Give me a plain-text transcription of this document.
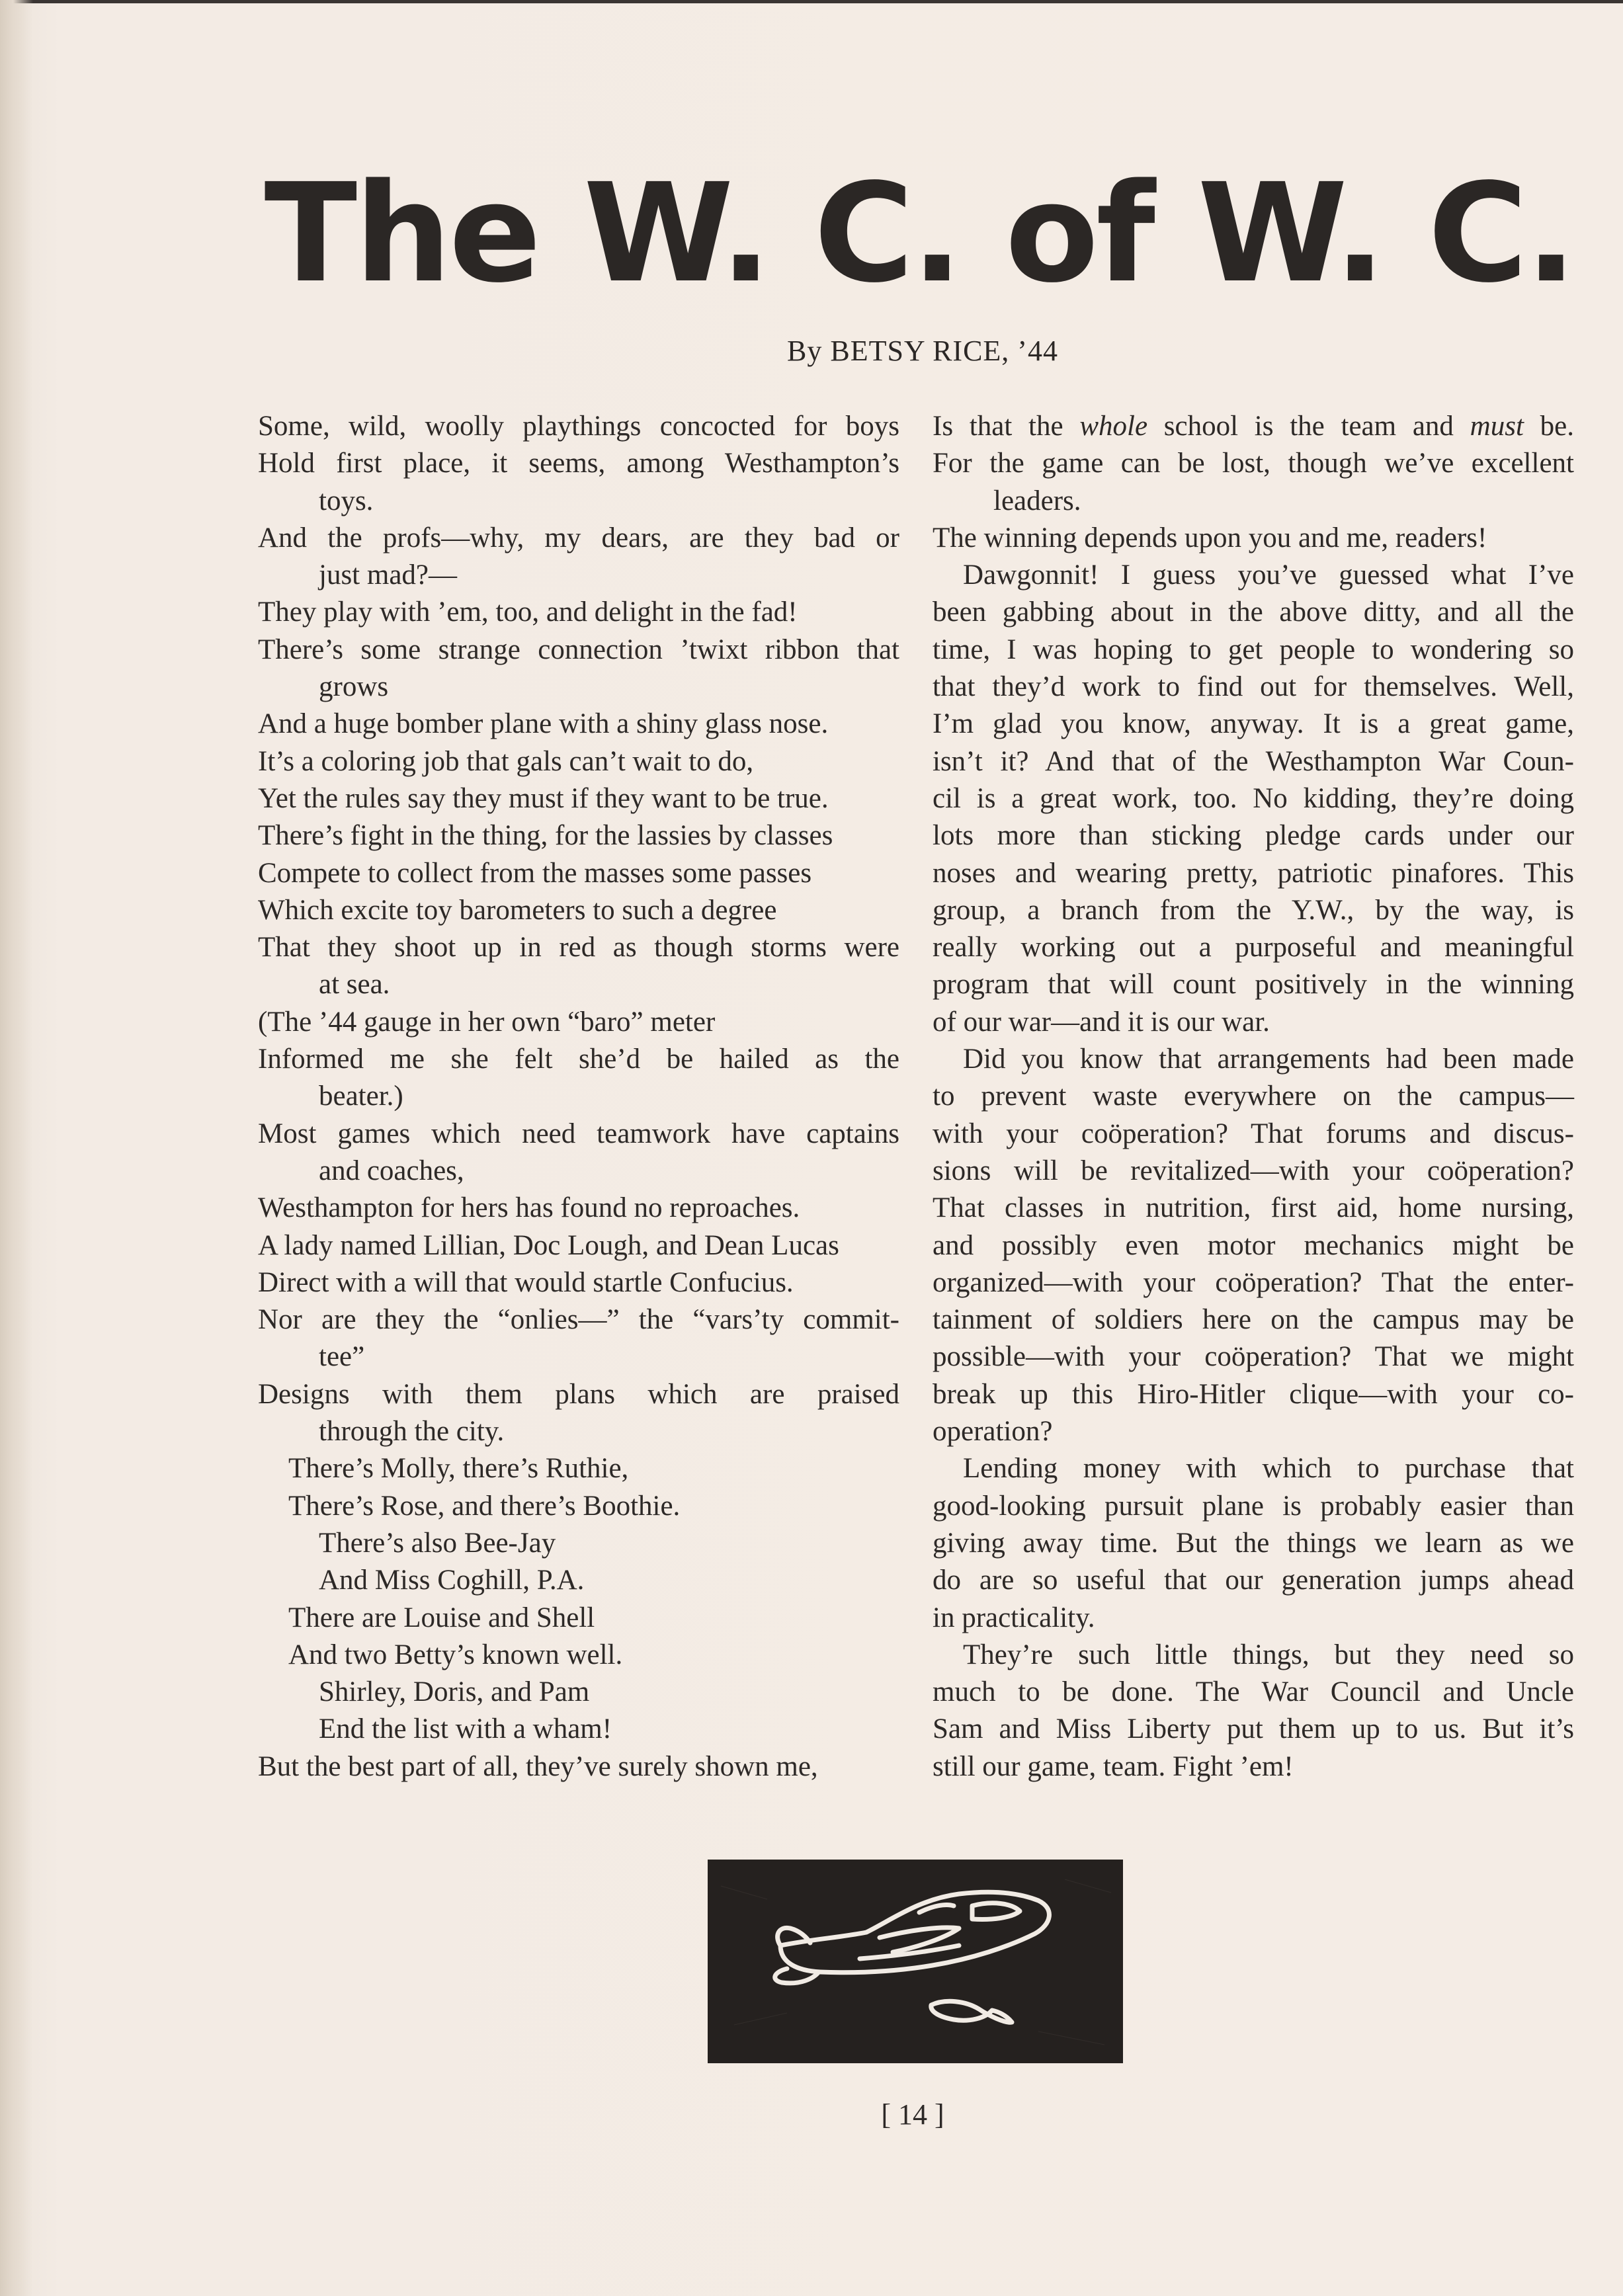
The W. C. of W. C.
By BETSY RICE, ’44
Some, wild, woolly playthings concocted for boys
Hold first place, it seems, among Westhampton’s
toys.
And the profs—why, my dears, are they bad or
just mad?—
They play with ’em, too, and delight in the fad!
There’s some strange connection ’twixt ribbon that
grows
And a huge bomber plane with a shiny glass nose.
It’s a coloring job that gals can’t wait to do,
Yet the rules say they must if they want to be true.
There’s fight in the thing, for the lassies by classes
Compete to collect from the masses some passes
Which excite toy barometers to such a degree
That they shoot up in red as though storms were
at sea.
(The ’44 gauge in her own “baro” meter
Informed me she felt she’d be hailed as the
beater.)
Most games which need teamwork have captains
and coaches,
Westhampton for hers has found no reproaches.
A lady named Lillian, Doc Lough, and Dean Lucas
Direct with a will that would startle Confucius.
Nor are they the “onlies—” the “vars’ty commit-
tee”
Designs with them plans which are praised
through the city.
There’s Molly, there’s Ruthie,
There’s Rose, and there’s Boothie.
There’s also Bee-Jay
And Miss Coghill, P.A.
There are Louise and Shell
And two Betty’s known well.
Shirley, Doris, and Pam
End the list with a wham!
But the best part of all, they’ve surely shown me,
Is that the whole school is the team and must be.
For the game can be lost, though we’ve excellent
leaders.
The winning depends upon you and me, readers!
Dawgonnit! I guess you’ve guessed what I’ve
been gabbing about in the above ditty, and all the
time, I was hoping to get people to wondering so
that they’d work to find out for themselves. Well,
I’m glad you know, anyway. It is a great game,
isn’t it? And that of the Westhampton War Coun-
cil is a great work, too. No kidding, they’re doing
lots more than sticking pledge cards under our
noses and wearing pretty, patriotic pinafores. This
group, a branch from the Y.W., by the way, is
really working out a purposeful and meaningful
program that will count positively in the winning
of our war—and it is our war.
Did you know that arrangements had been made
to prevent waste everywhere on the campus—
with your coöperation? That forums and discus-
sions will be revitalized—with your coöperation?
That classes in nutrition, first aid, home nursing,
and possibly even motor mechanics might be
organized—with your coöperation? That the enter-
tainment of soldiers here on the campus may be
possible—with your coöperation? That we might
break up this Hiro-Hitler clique—with your co-
operation?
Lending money with which to purchase that
good-looking pursuit plane is probably easier than
giving away time. But the things we learn as we
do are so useful that our generation jumps ahead
in practicality.
They’re such little things, but they need so
much to be done. The War Council and Uncle
Sam and Miss Liberty put them up to us. But it’s
still our game, team. Fight ’em!
[ 14 ]
